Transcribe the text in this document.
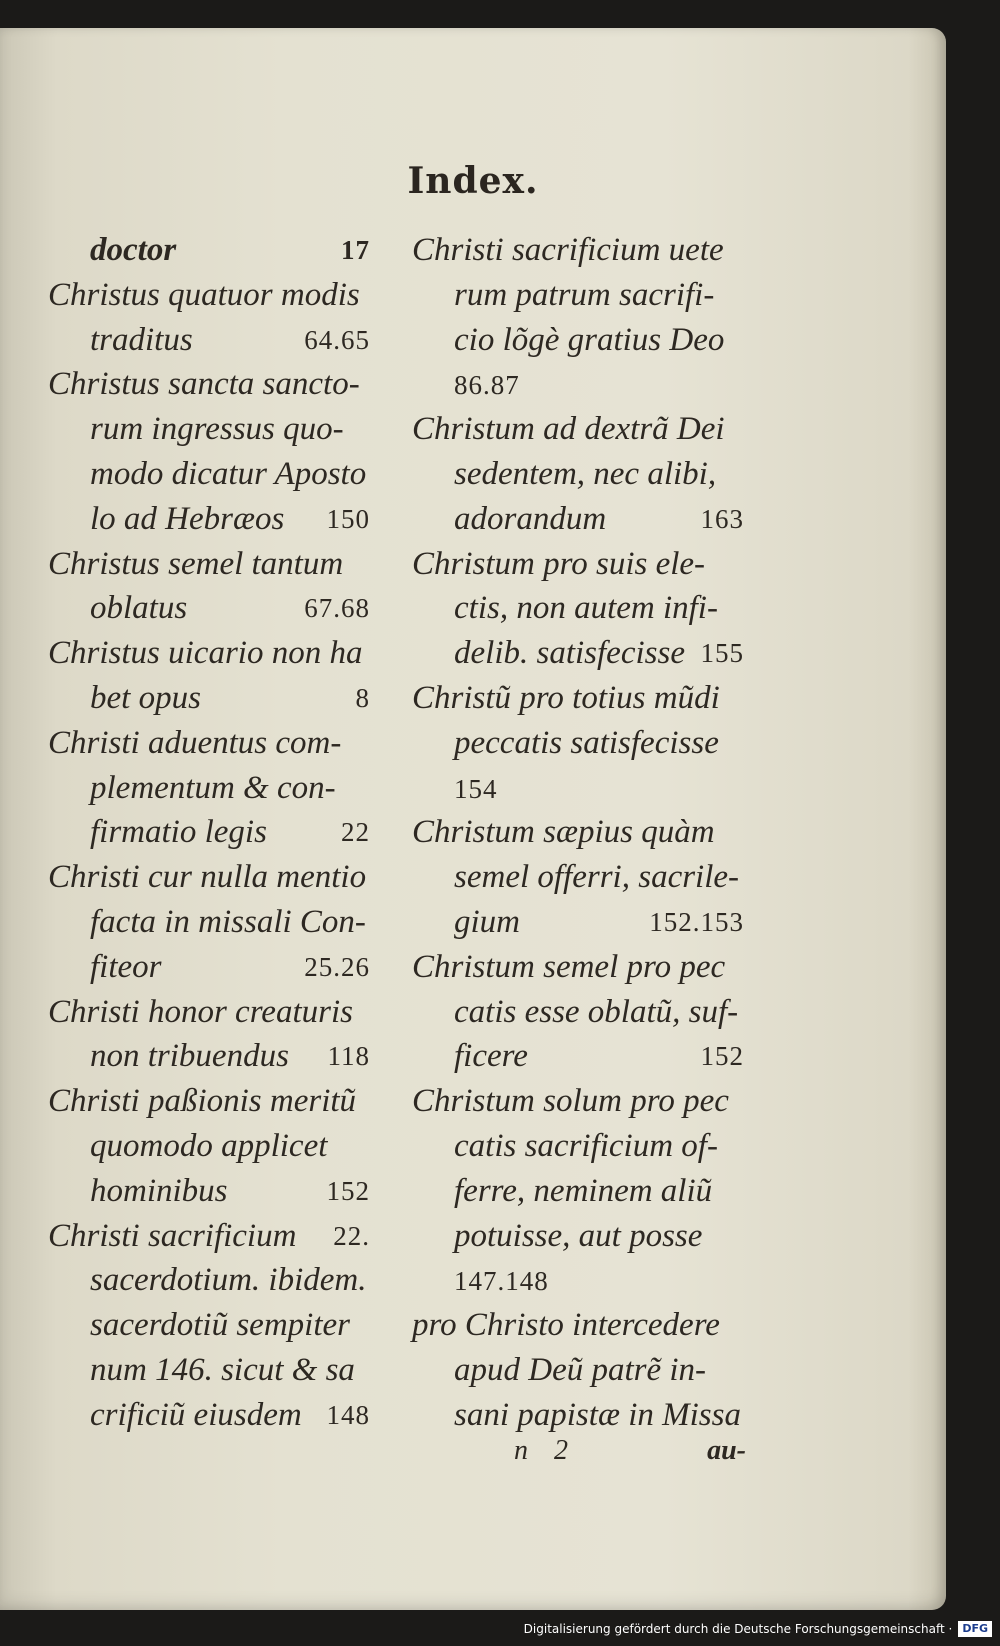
Index.
doctor	17
Christus quatuor modis
traditus	64.65
Christus sancta sancto-
rum ingressus quo-
modo dicatur Aposto
lo ad Hebræos 150
Christus semel tantum
oblatus	67.68
Christus uicario non ha
bet opus	8
Christi aduentus com-
plementum & con-
firmatio legis	22
Christi cur nulla mentio
facta in missali Con-
fiteor	25.26
Christi honor creaturis
non tribuendus 118
Christi paßionis meritũ
quomodo applicet
hominibus	152
Christi sacrificium 22.
sacerdotium. ibidem.
sacerdotiũ sempiter
num 146. sicut & sa
crificiũ eiusdem 148
Christi sacrificium uete
rum patrum sacrifi-
cio lõgè gratius Deo
86.87
Christum ad dextrã Dei
sedentem, nec alibi,
adorandum	163
Christum pro suis ele-
ctis, non autem infi-
delib. satisfecisse 155
Christũ pro totius mũdi
peccatis satisfecisse
154
Christum sæpius quàm
semel offerri, sacrile-
gium	152.153
Christum semel pro pec
catis esse oblatũ, suf-
ficere	152
Christum solum pro pec
catis sacrificium of-
ferre, neminem aliũ
potuisse, aut posse
147.148
pro Christo intercedere
apud Deũ patrẽ in-
sani papistæ in Missa
n 2	au-
Digitalisierung gefördert durch die Deutsche Forschungsgemeinschaft · DFG
